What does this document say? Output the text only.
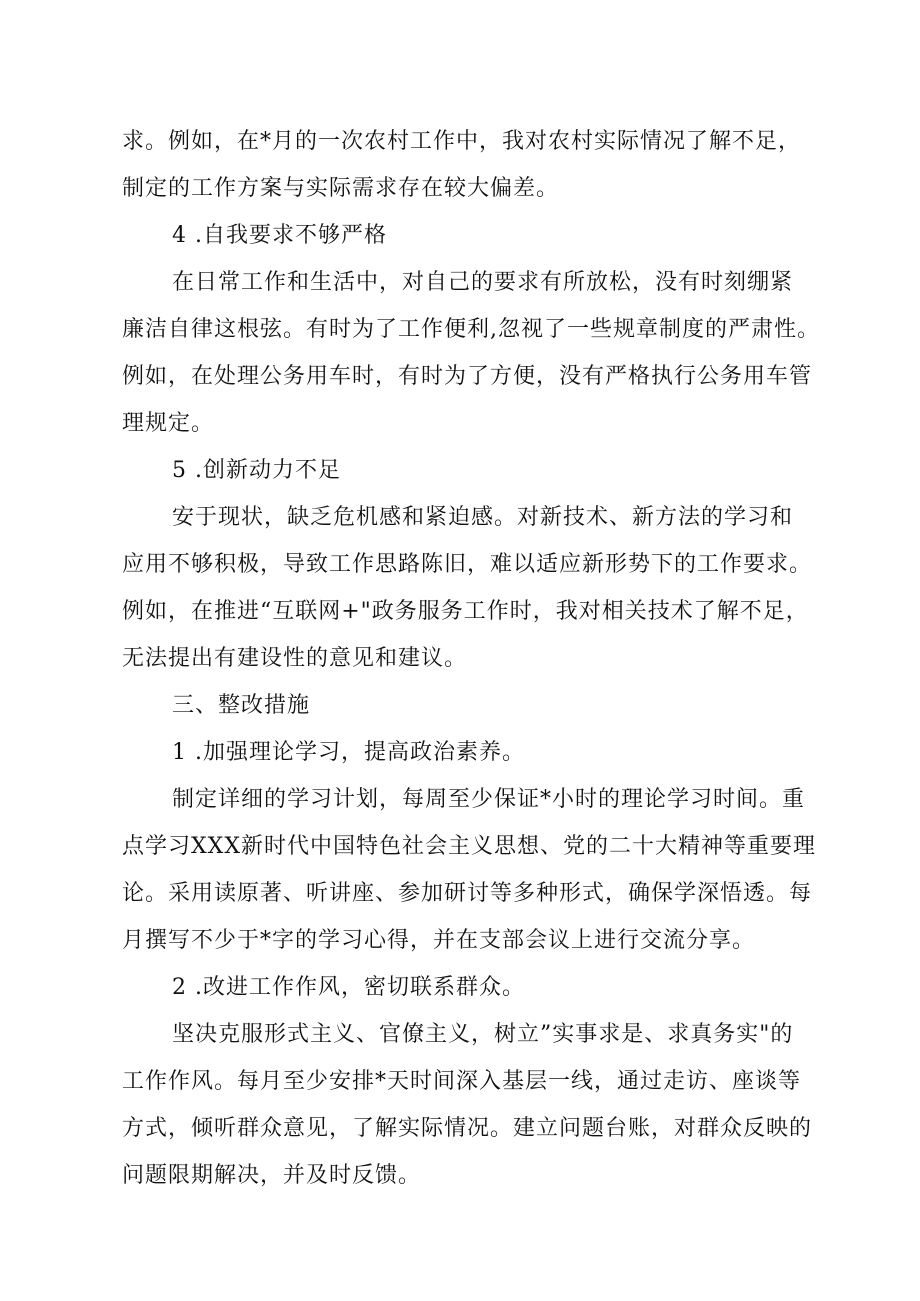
求。例如，在*月的一次农村工作中，我对农村实际情况了解不足，
制定的工作方案与实际需求存在较大偏差。
4 .自我要求不够严格
在日常工作和生活中，对自己的要求有所放松，没有时刻绷紧
廉洁自律这根弦。有时为了工作便利,忽视了一些规章制度的严肃性。
例如，在处理公务用车时，有时为了方便，没有严格执行公务用车管
理规定。
5 .创新动力不足
安于现状，缺乏危机感和紧迫感。对新技术、新方法的学习和
应用不够积极，导致工作思路陈旧，难以适应新形势下的工作要求。
例如，在推进“互联网+"政务服务工作时，我对相关技术了解不足，
无法提出有建设性的意见和建议。
三、整改措施
1 .加强理论学习，提高政治素养。
制定详细的学习计划，每周至少保证*小时的理论学习时间。重
点学习XXX新时代中国特色社会主义思想、党的二十大精神等重要理
论。采用读原著、听讲座、参加研讨等多种形式，确保学深悟透。每
月撰写不少于*字的学习心得，并在支部会议上进行交流分享。
2 .改进工作作风，密切联系群众。
坚决克服形式主义、官僚主义，树立”实事求是、求真务实"的
工作作风。每月至少安排*天时间深入基层一线，通过走访、座谈等
方式，倾听群众意见，了解实际情况。建立问题台账，对群众反映的
问题限期解决，并及时反馈。
